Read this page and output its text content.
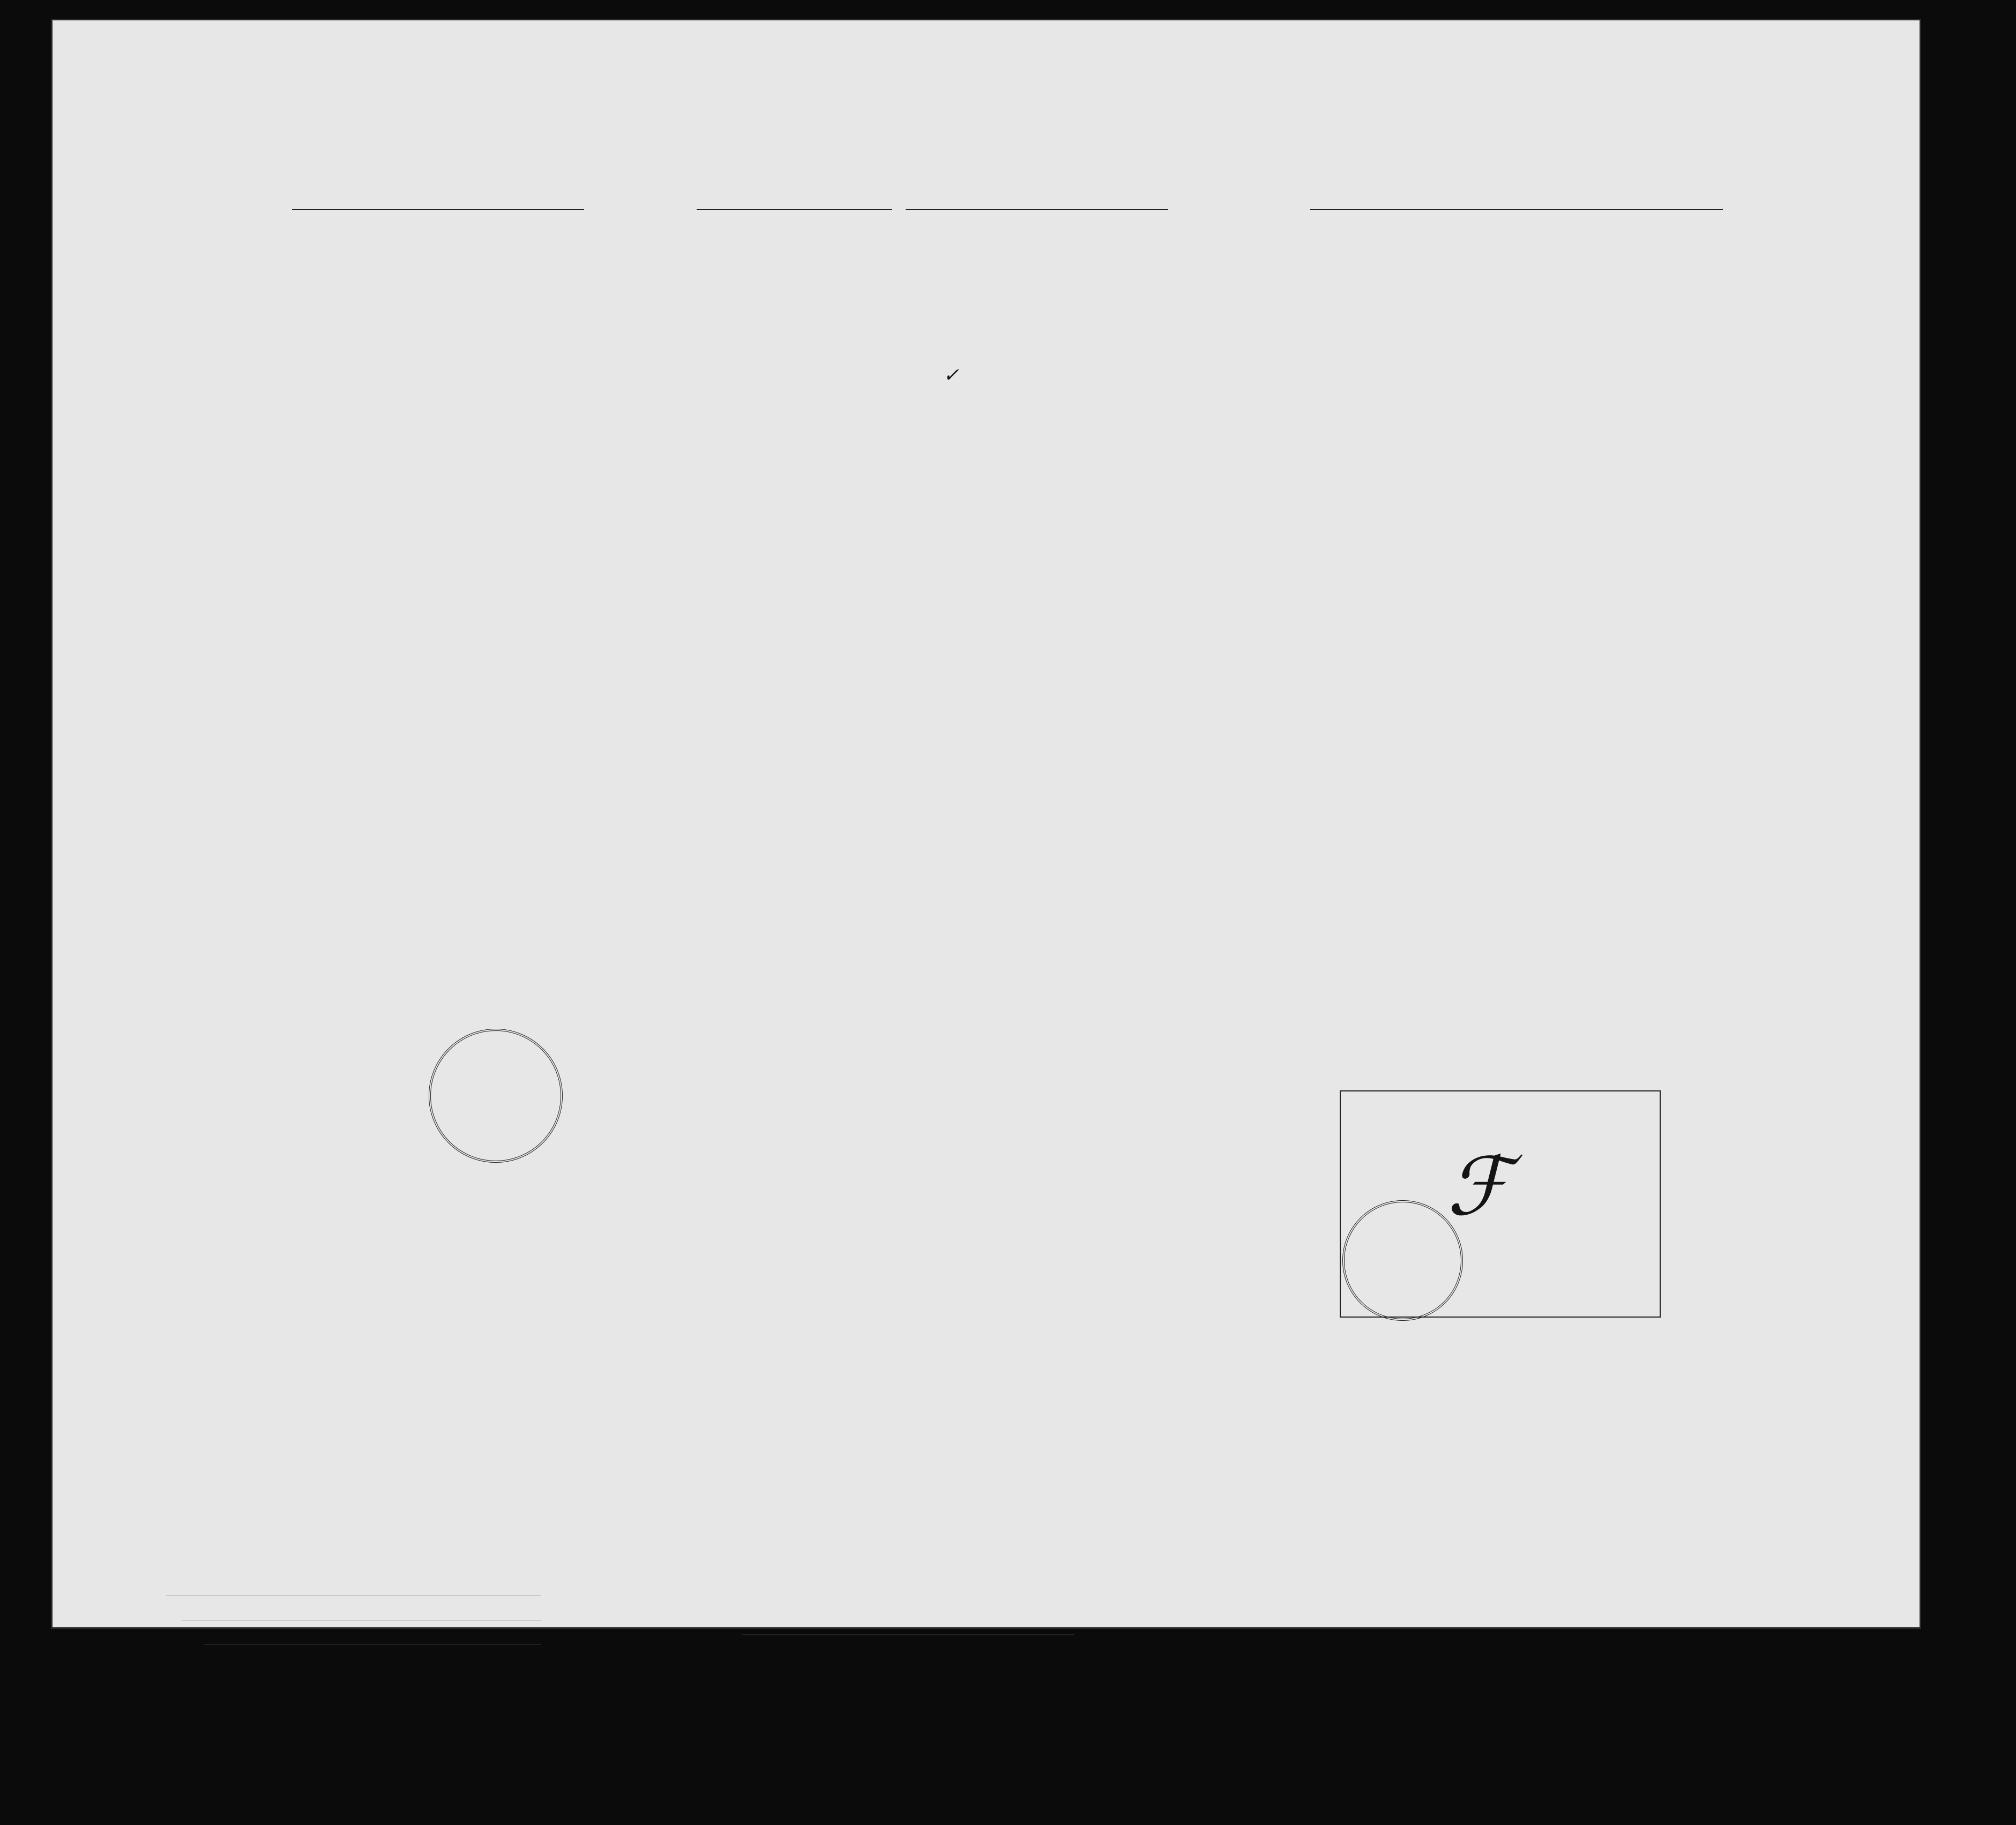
✓
ℱ
